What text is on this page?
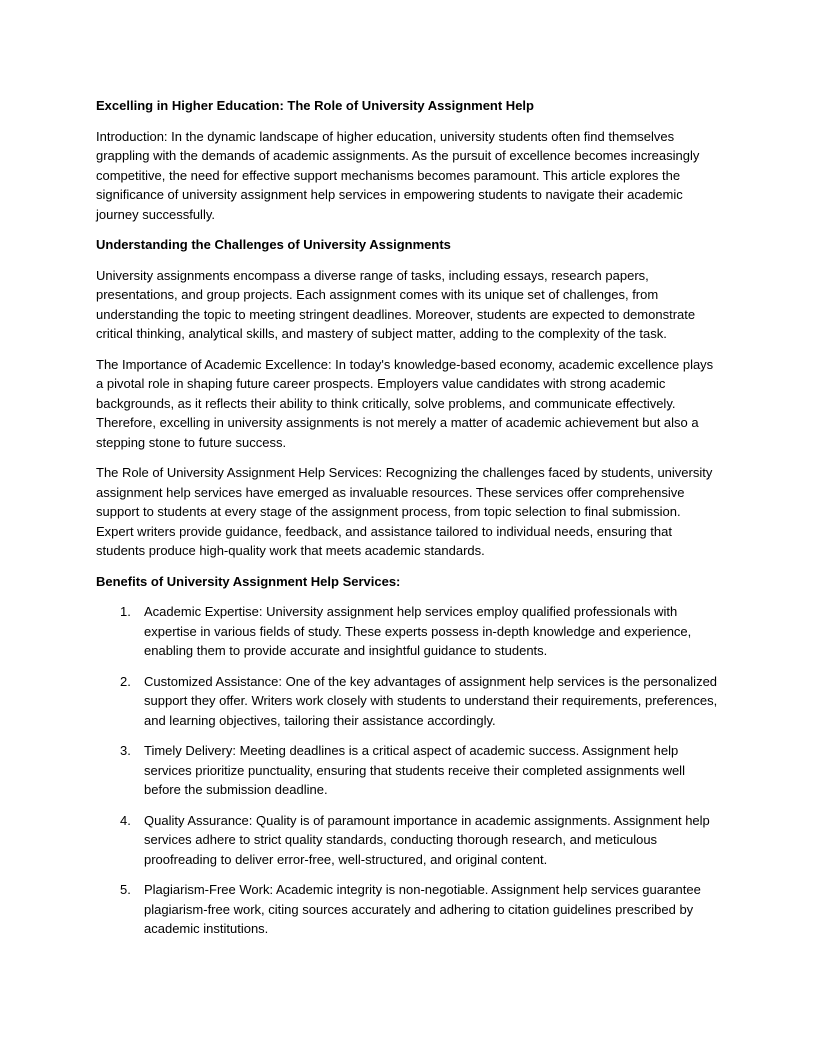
Excelling in Higher Education: The Role of University Assignment Help

Introduction: In the dynamic landscape of higher education, university students often find themselves grappling with the demands of academic assignments. As the pursuit of excellence becomes increasingly competitive, the need for effective support mechanisms becomes paramount. This article explores the significance of university assignment help services in empowering students to navigate their academic journey successfully.

Understanding the Challenges of University Assignments

University assignments encompass a diverse range of tasks, including essays, research papers, presentations, and group projects. Each assignment comes with its unique set of challenges, from understanding the topic to meeting stringent deadlines. Moreover, students are expected to demonstrate critical thinking, analytical skills, and mastery of subject matter, adding to the complexity of the task.

The Importance of Academic Excellence: In today's knowledge-based economy, academic excellence plays a pivotal role in shaping future career prospects. Employers value candidates with strong academic backgrounds, as it reflects their ability to think critically, solve problems, and communicate effectively. Therefore, excelling in university assignments is not merely a matter of academic achievement but also a stepping stone to future success.

The Role of University Assignment Help Services: Recognizing the challenges faced by students, university assignment help services have emerged as invaluable resources. These services offer comprehensive support to students at every stage of the assignment process, from topic selection to final submission. Expert writers provide guidance, feedback, and assistance tailored to individual needs, ensuring that students produce high-quality work that meets academic standards.

Benefits of University Assignment Help Services:

1. Academic Expertise: University assignment help services employ qualified professionals with expertise in various fields of study. These experts possess in-depth knowledge and experience, enabling them to provide accurate and insightful guidance to students.
2. Customized Assistance: One of the key advantages of assignment help services is the personalized support they offer. Writers work closely with students to understand their requirements, preferences, and learning objectives, tailoring their assistance accordingly.
3. Timely Delivery: Meeting deadlines is a critical aspect of academic success. Assignment help services prioritize punctuality, ensuring that students receive their completed assignments well before the submission deadline.
4. Quality Assurance: Quality is of paramount importance in academic assignments. Assignment help services adhere to strict quality standards, conducting thorough research, and meticulous proofreading to deliver error-free, well-structured, and original content.
5. Plagiarism-Free Work: Academic integrity is non-negotiable. Assignment help services guarantee plagiarism-free work, citing sources accurately and adhering to citation guidelines prescribed by academic institutions.
